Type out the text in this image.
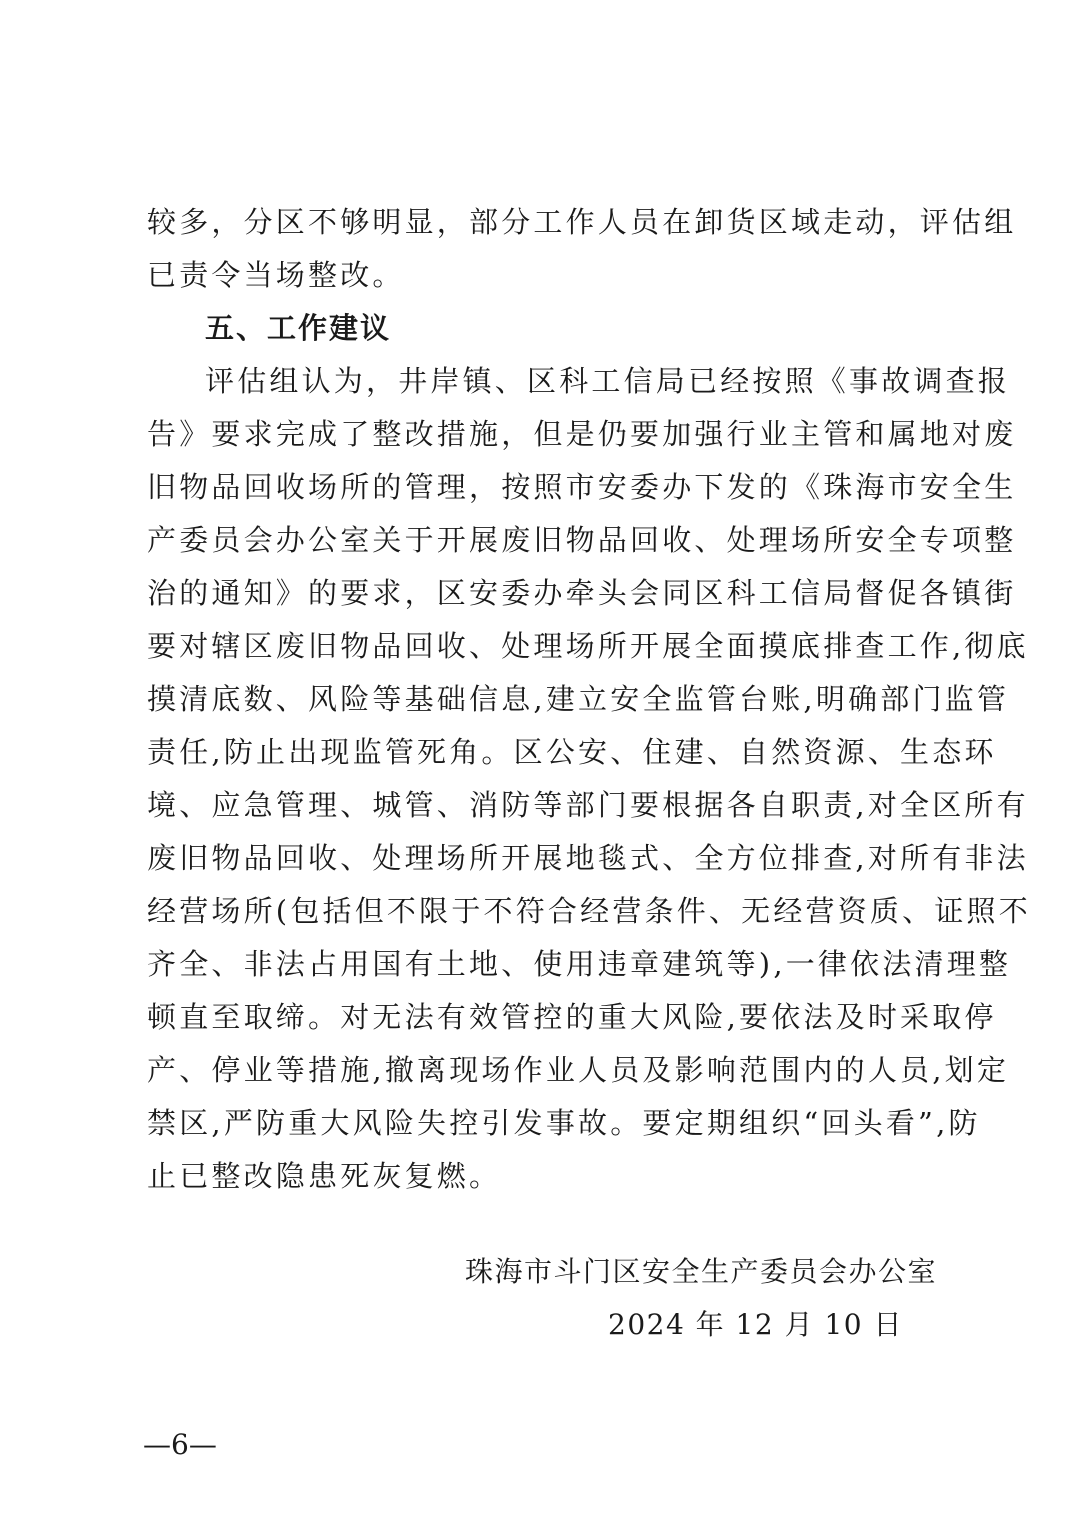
较多，分区不够明显，部分工作人员在卸货区域走动，评估组
已责令当场整改。
五、工作建议
评估组认为，井岸镇、区科工信局已经按照《事故调查报
告》要求完成了整改措施，但是仍要加强行业主管和属地对废
旧物品回收场所的管理，按照市安委办下发的《珠海市安全生
产委员会办公室关于开展废旧物品回收、处理场所安全专项整
治的通知》的要求，区安委办牵头会同区科工信局督促各镇街
要对辖区废旧物品回收、处理场所开展全面摸底排查工作,彻底
摸清底数、风险等基础信息,建立安全监管台账,明确部门监管
责任,防止出现监管死角。区公安、住建、自然资源、生态环
境、应急管理、城管、消防等部门要根据各自职责,对全区所有
废旧物品回收、处理场所开展地毯式、全方位排查,对所有非法
经营场所(包括但不限于不符合经营条件、无经营资质、证照不
齐全、非法占用国有土地、使用违章建筑等),一律依法清理整
顿直至取缔。对无法有效管控的重大风险,要依法及时采取停
产、停业等措施,撤离现场作业人员及影响范围内的人员,划定
禁区,严防重大风险失控引发事故。要定期组织“回头看”,防
止已整改隐患死灰复燃。
珠海市斗门区安全生产委员会办公室
2024 年 12 月 10 日
—6—
